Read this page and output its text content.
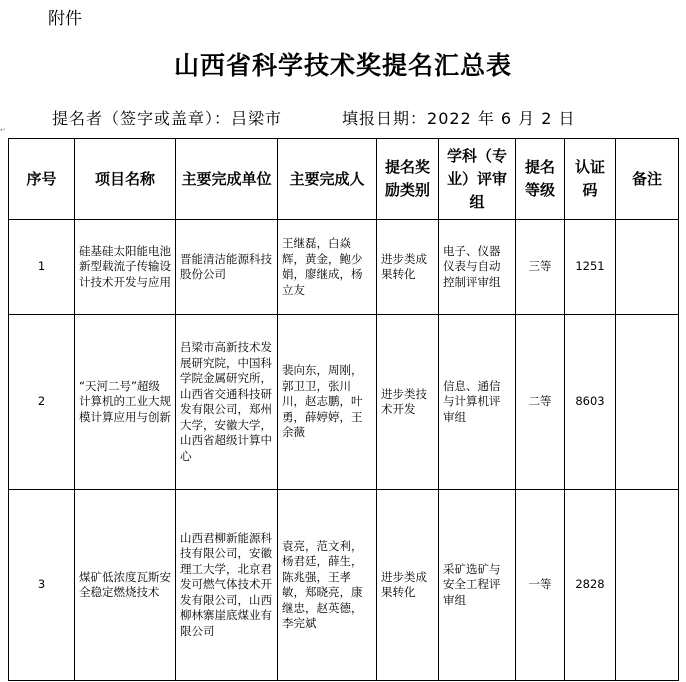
附件
山西省科学技术奖提名汇总表
提名者（签字或盖章）：吕梁市	填报日期：2022 年 6 月 2 日
↵
序号	项目名称	主要完成单位	主要完成人	提名奖励类别	学科（专业）评审组	提名等级	认证码	备注
1	硅基硅太阳能电池新型载流子传输设计技术开发与应用	晋能清洁能源科技股份公司	王继磊，白焱辉，黄金，鲍少娟，廖继成，杨立友	进步类成果转化	电子、仪器仪表与自动控制评审组	三等	1251	
2	“天河二号”超级计算机的工业大规模计算应用与创新	吕梁市高新技术发展研究院，中国科学院金属研究所，山西省交通科技研发有限公司，郑州大学，安徽大学，山西省超级计算中心	裴向东，周刚，郭卫卫，张川川，赵志鹏，叶勇，薛婷婷，王余薇	进步类技术开发	信息、通信与计算机评审组	二等	8603	
3	煤矿低浓度瓦斯安全稳定燃烧技术	山西君柳新能源科技有限公司，安徽理工大学，北京君发可燃气体技术开发有限公司，山西柳林寨崖底煤业有限公司	袁亮，范文利，杨君廷，薛生，陈兆强，王孝敏，郑晓亮，康继忠，赵英德，李完斌	进步类成果转化	采矿选矿与安全工程评审组	一等	2828	
